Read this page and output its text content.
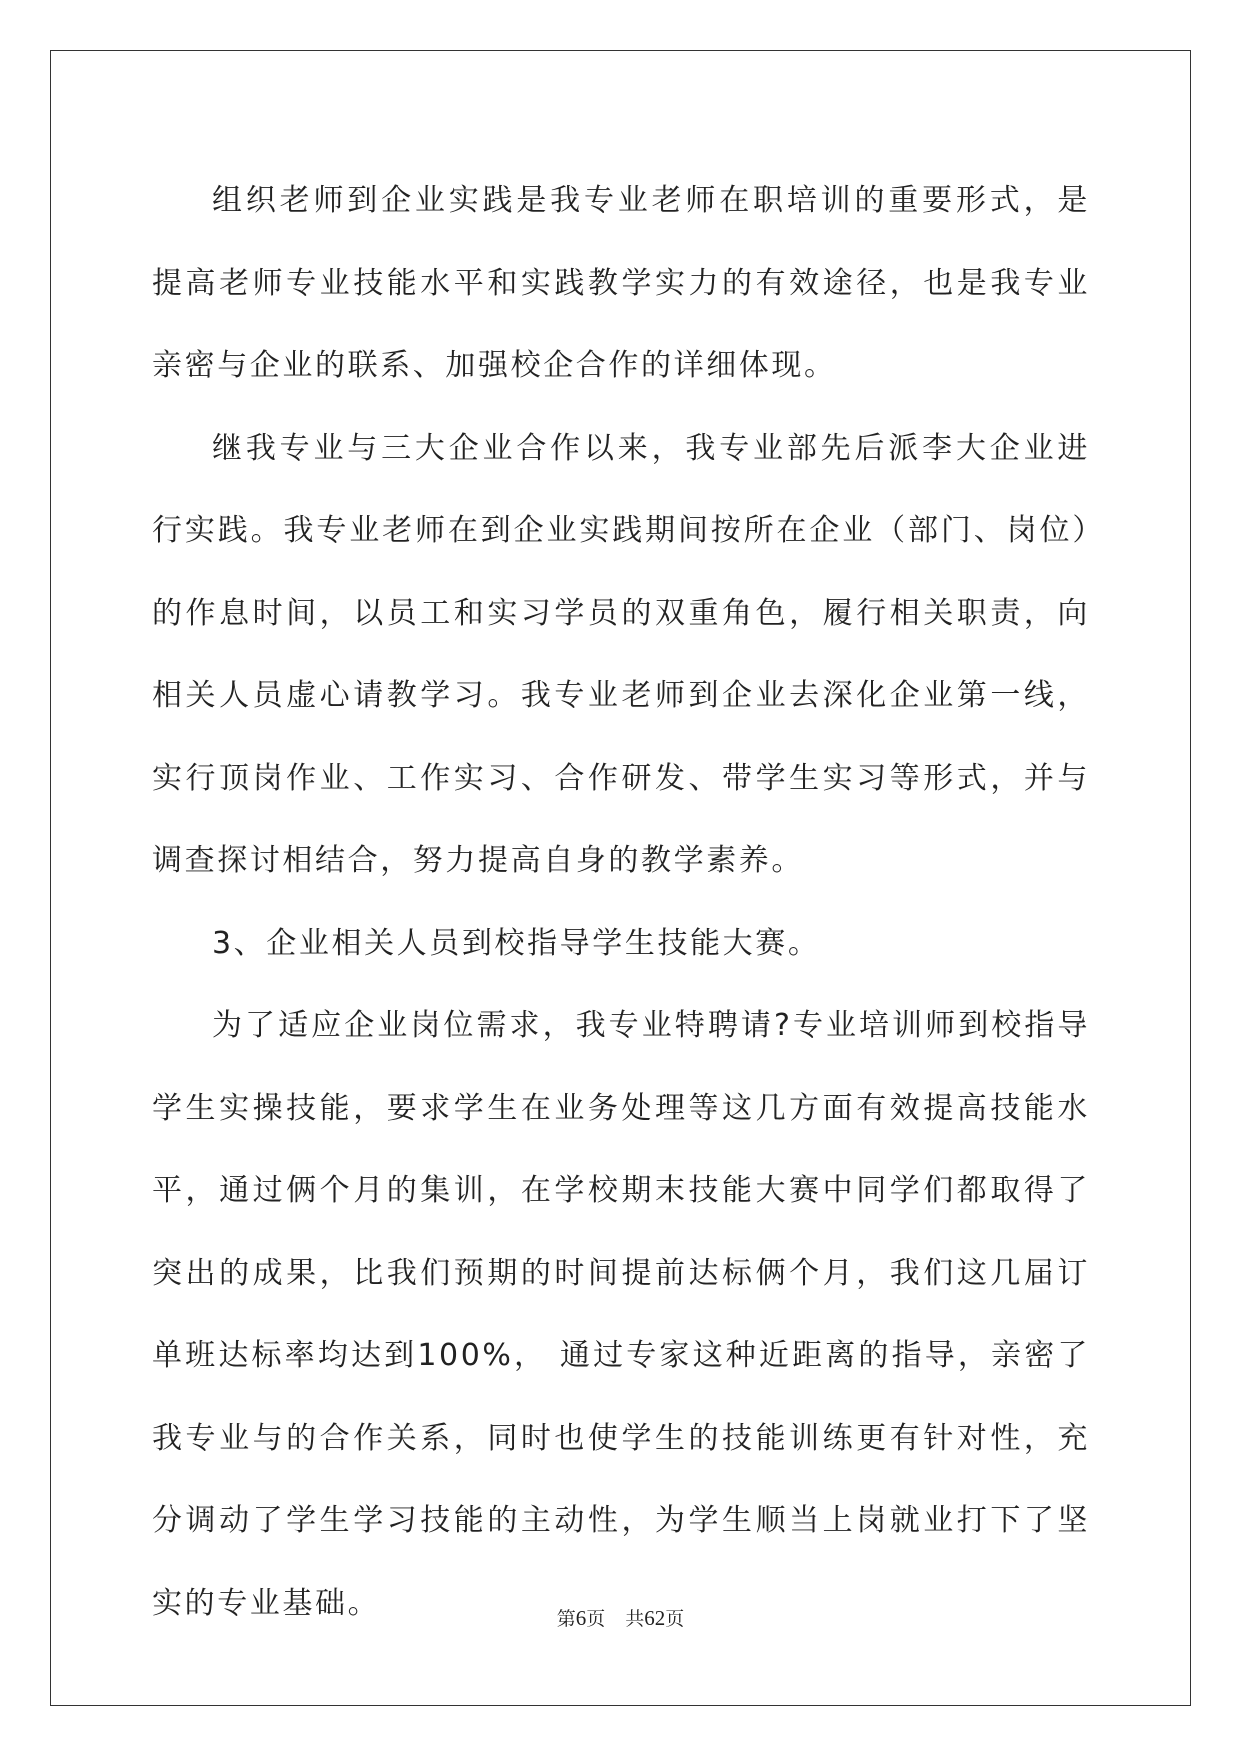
组织老师到企业实践是我专业老师在职培训的重要形式，是提高老师专业技能水平和实践教学实力的有效途径，也是我专业亲密与企业的联系、加强校企合作的详细体现。

继我专业与三大企业合作以来，我专业部先后派李大企业进行实践。我专业老师在到企业实践期间按所在企业（部门、岗位）的作息时间，以员工和实习学员的双重角色，履行相关职责，向相关人员虚心请教学习。我专业老师到企业去深化企业第一线，实行顶岗作业、工作实习、合作研发、带学生实习等形式，并与调查探讨相结合，努力提高自身的教学素养。

3、企业相关人员到校指导学生技能大赛。

为了适应企业岗位需求，我专业特聘请?专业培训师到校指导学生实操技能，要求学生在业务处理等这几方面有效提高技能水平，通过俩个月的集训，在学校期末技能大赛中同学们都取得了突出的成果，比我们预期的时间提前达标俩个月，我们这几届订单班达标率均达到100%， 通过专家这种近距离的指导，亲密了我专业与的合作关系，同时也使学生的技能训练更有针对性，充分调动了学生学习技能的主动性，为学生顺当上岗就业打下了坚实的专业基础。	第6页 共62页
